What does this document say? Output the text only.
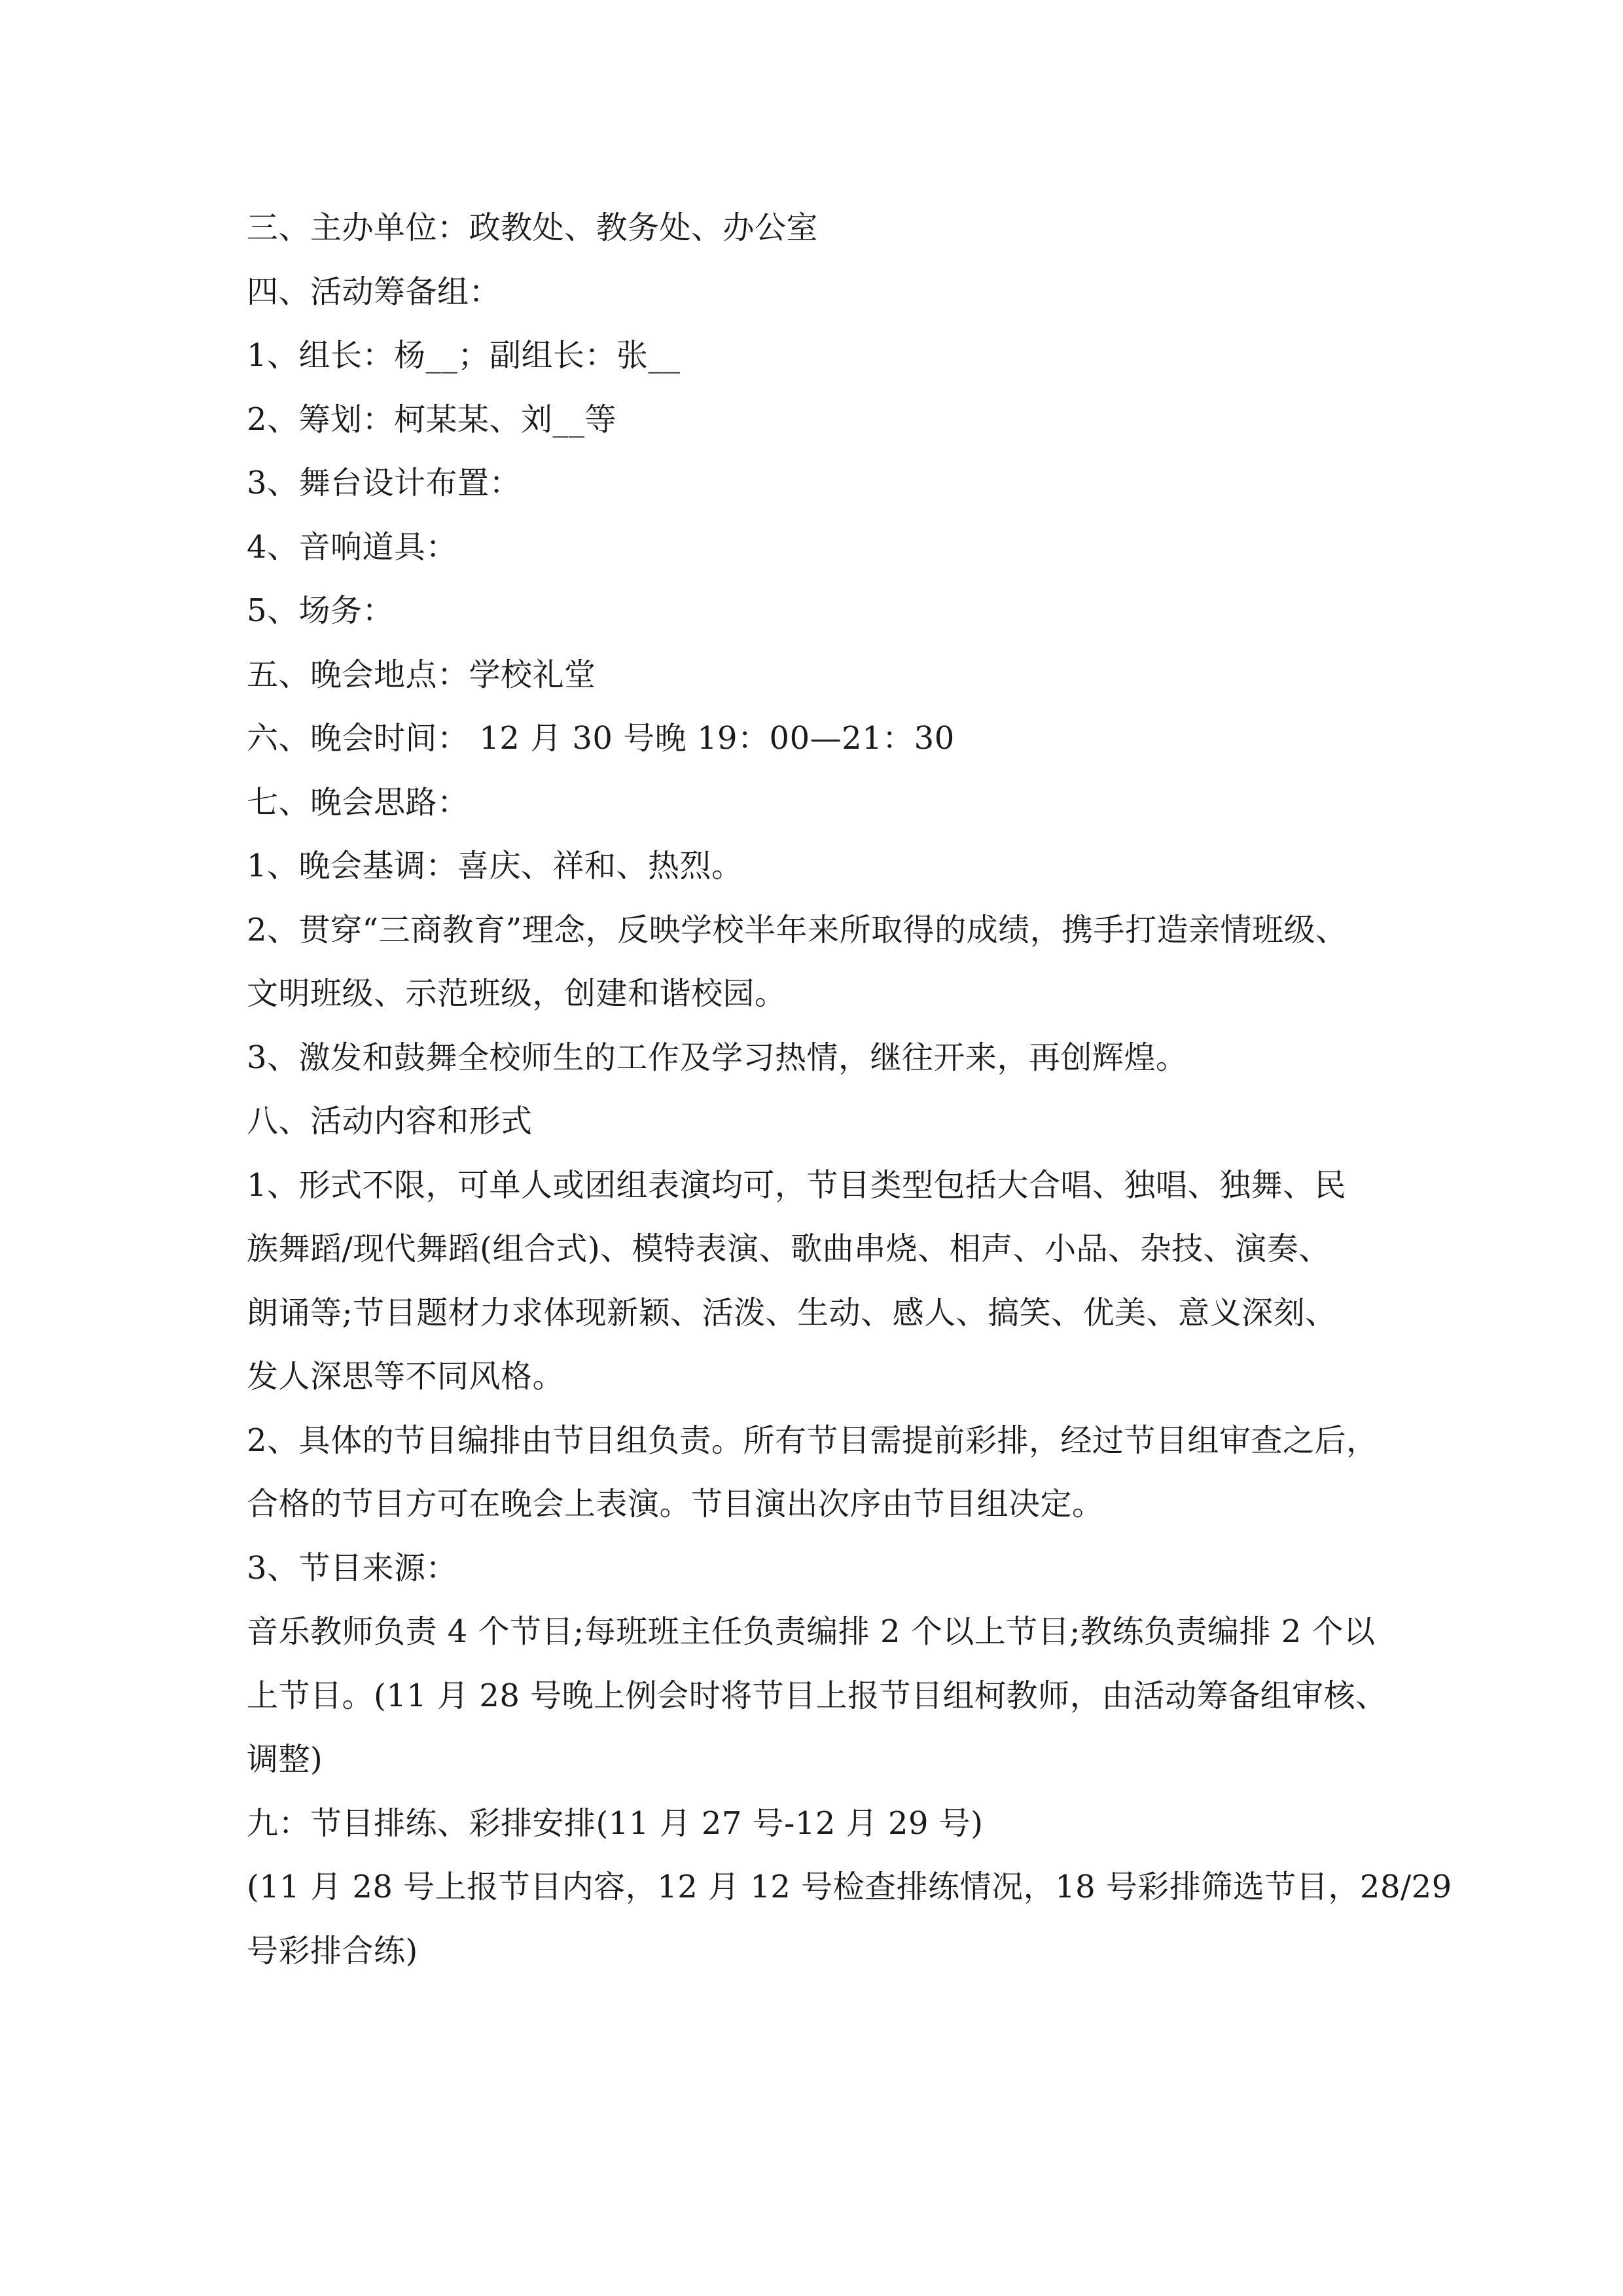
三、主办单位：政教处、教务处、办公室
四、活动筹备组：
1、组长：杨__；副组长：张__
2、筹划：柯某某、刘__等
3、舞台设计布置：
4、音响道具：
5、场务：
五、晚会地点：学校礼堂
六、晚会时间： 12 月 30 号晚 19：00—21：30
七、晚会思路：
1、晚会基调：喜庆、祥和、热烈。
2、贯穿“三商教育”理念，反映学校半年来所取得的成绩，携手打造亲情班级、
文明班级、示范班级，创建和谐校园。
3、激发和鼓舞全校师生的工作及学习热情，继往开来，再创辉煌。
八、活动内容和形式
1、形式不限，可单人或团组表演均可，节目类型包括大合唱、独唱、独舞、民
族舞蹈/现代舞蹈(组合式)、模特表演、歌曲串烧、相声、小品、杂技、演奏、
朗诵等;节目题材力求体现新颖、活泼、生动、感人、搞笑、优美、意义深刻、
发人深思等不同风格。
2、具体的节目编排由节目组负责。所有节目需提前彩排，经过节目组审查之后，
合格的节目方可在晚会上表演。节目演出次序由节目组决定。
3、节目来源：
音乐教师负责 4 个节目;每班班主任负责编排 2 个以上节目;教练负责编排 2 个以
上节目。(11 月 28 号晚上例会时将节目上报节目组柯教师，由活动筹备组审核、
调整)
九：节目排练、彩排安排(11 月 27 号-12 月 29 号)
(11 月 28 号上报节目内容，12 月 12 号检查排练情况，18 号彩排筛选节目，28/29
号彩排合练)
